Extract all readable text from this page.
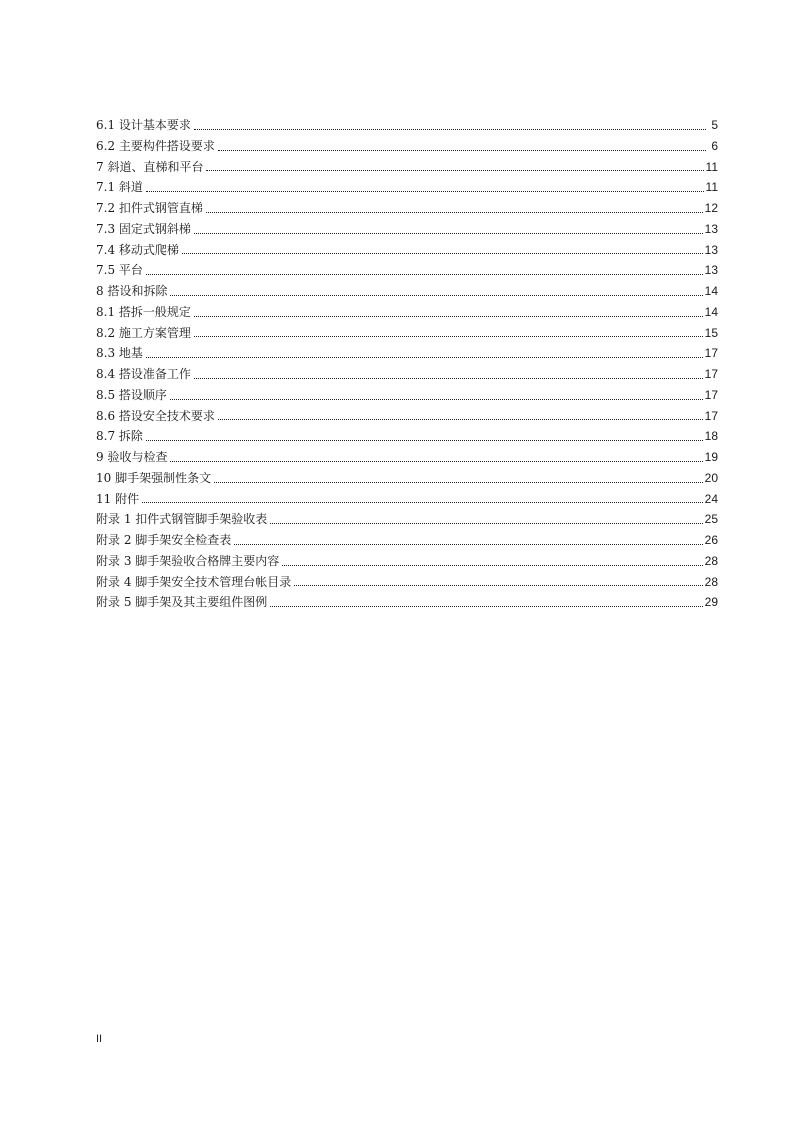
6.1 设计基本要求	5
6.2 主要构件搭设要求	6
7 斜道、直梯和平台	11
7.1 斜道	11
7.2 扣件式钢管直梯	12
7.3 固定式钢斜梯	13
7.4 移动式爬梯	13
7.5 平台	13
8 搭设和拆除	14
8.1 搭拆一般规定	14
8.2 施工方案管理	15
8.3 地基	17
8.4 搭设准备工作	17
8.5 搭设顺序	17
8.6 搭设安全技术要求	17
8.7 拆除	18
9 验收与检查	19
10 脚手架强制性条文	20
11 附件	24
附录 1 扣件式钢管脚手架验收表	25
附录 2 脚手架安全检查表	26
附录 3 脚手架验收合格牌主要内容	28
附录 4 脚手架安全技术管理台帐目录	28
附录 5 脚手架及其主要组件图例	29
II
